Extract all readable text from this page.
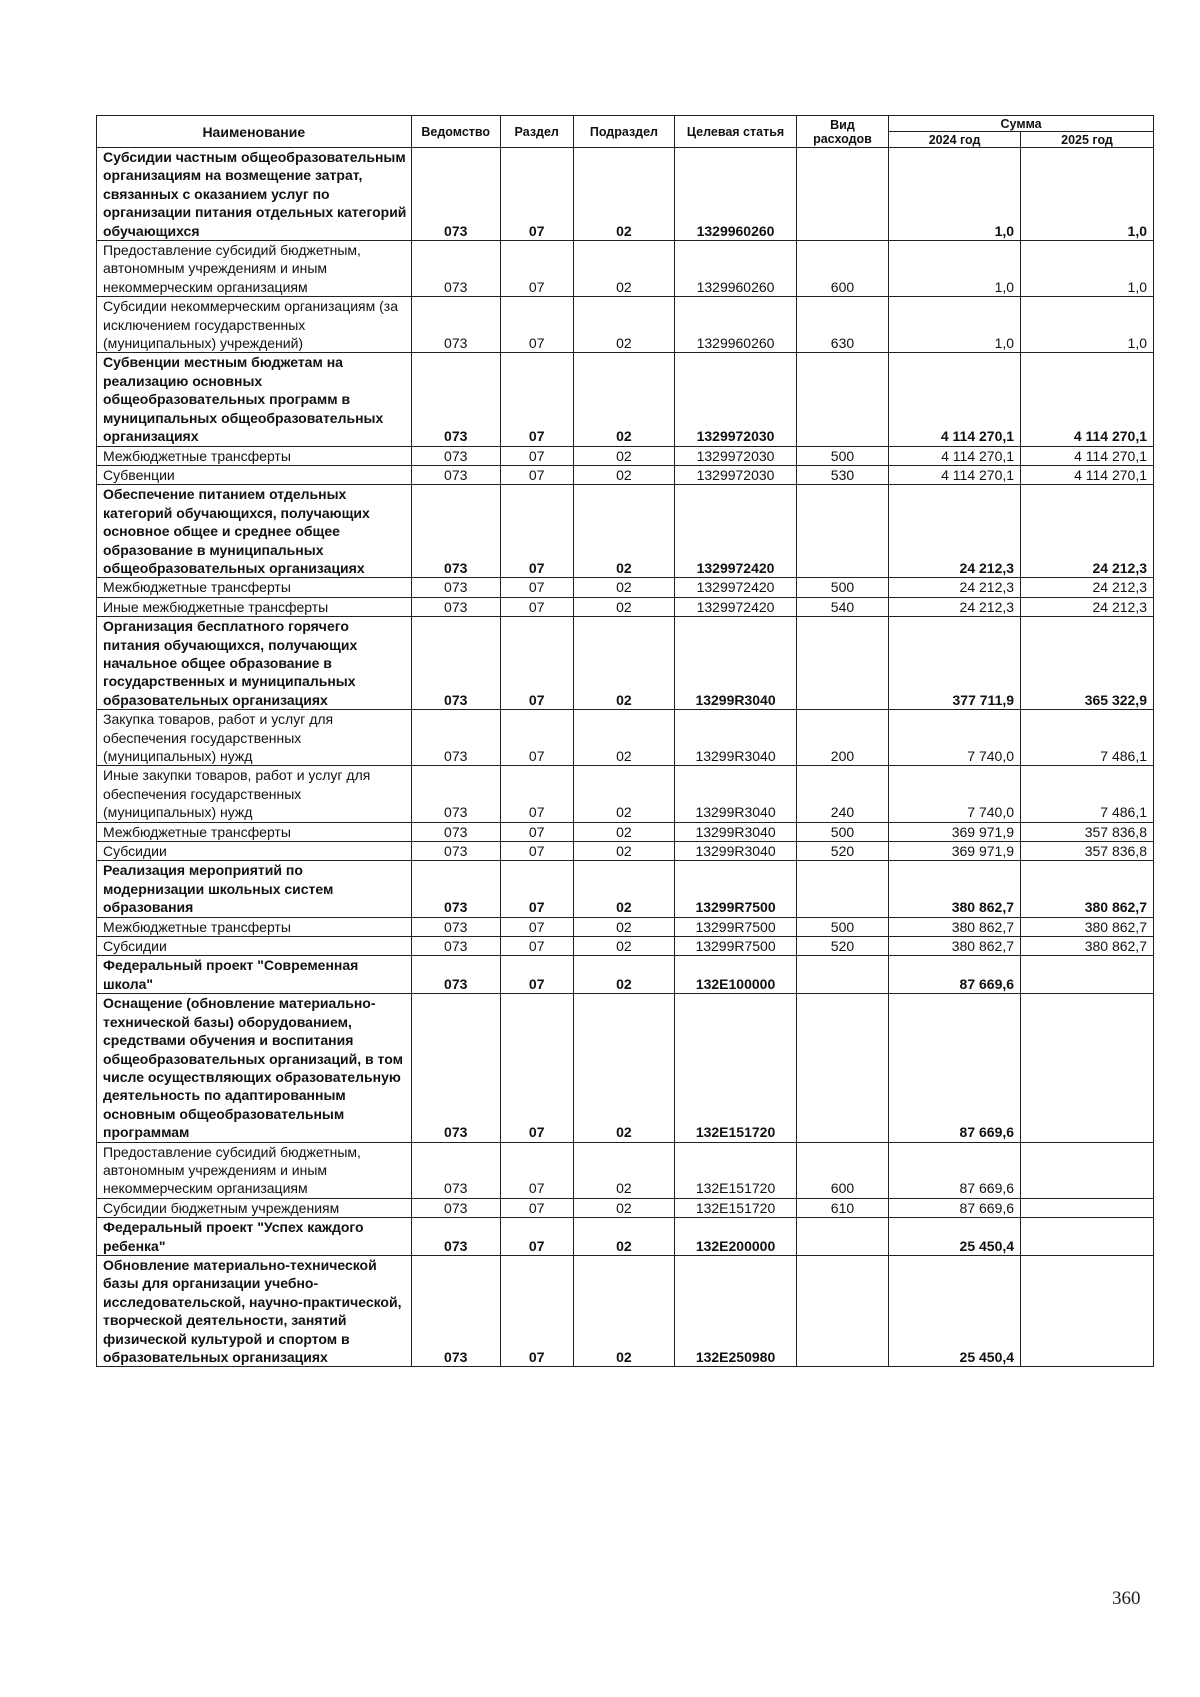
Наименование	Ведомство	Раздел	Подраздел	Целевая статья	Вид расходов	Сумма	
						2024 год	2025 год
Субсидии частным общеобразовательным организациям на возмещение затрат, связанных с оказанием услуг по организации питания отдельных категорий обучающихся	073	07	02	1329960260		1,0	1,0
Предоставление субсидий бюджетным, автономным учреждениям и иным некоммерческим организациям	073	07	02	1329960260	600	1,0	1,0
Субсидии некоммерческим организациям (за исключением государственных (муниципальных) учреждений)	073	07	02	1329960260	630	1,0	1,0
Субвенции местным бюджетам на реализацию основных общеобразовательных программ в муниципальных общеобразовательных организациях	073	07	02	1329972030		4 114 270,1	4 114 270,1
Межбюджетные трансферты	073	07	02	1329972030	500	4 114 270,1	4 114 270,1
Субвенции	073	07	02	1329972030	530	4 114 270,1	4 114 270,1
Обеспечение питанием отдельных категорий обучающихся, получающих основное общее и среднее общее образование в муниципальных общеобразовательных организациях	073	07	02	1329972420		24 212,3	24 212,3
Межбюджетные трансферты	073	07	02	1329972420	500	24 212,3	24 212,3
Иные межбюджетные трансферты	073	07	02	1329972420	540	24 212,3	24 212,3
Организация бесплатного горячего питания обучающихся, получающих начальное общее образование в государственных и муниципальных образовательных организациях	073	07	02	13299R3040		377 711,9	365 322,9
Закупка товаров, работ и услуг для обеспечения государственных (муниципальных) нужд	073	07	02	13299R3040	200	7 740,0	7 486,1
Иные закупки товаров, работ и услуг для обеспечения государственных (муниципальных) нужд	073	07	02	13299R3040	240	7 740,0	7 486,1
Межбюджетные трансферты	073	07	02	13299R3040	500	369 971,9	357 836,8
Субсидии	073	07	02	13299R3040	520	369 971,9	357 836,8
Реализация мероприятий по модернизации школьных систем образования	073	07	02	13299R7500		380 862,7	380 862,7
Межбюджетные трансферты	073	07	02	13299R7500	500	380 862,7	380 862,7
Субсидии	073	07	02	13299R7500	520	380 862,7	380 862,7
Федеральный проект "Современная школа"	073	07	02	132E100000		87 669,6	
Оснащение (обновление материально-технической базы) оборудованием, средствами обучения и воспитания общеобразовательных организаций, в том числе осуществляющих образовательную деятельность по адаптированным основным общеобразовательным программам	073	07	02	132E151720		87 669,6	
Предоставление субсидий бюджетным, автономным учреждениям и иным некоммерческим организациям	073	07	02	132E151720	600	87 669,6	
Субсидии бюджетным учреждениям	073	07	02	132E151720	610	87 669,6	
Федеральный проект "Успех каждого ребенка"	073	07	02	132E200000		25 450,4	
Обновление материально-технической базы для организации учебно-исследовательской, научно-практической, творческой деятельности, занятий физической культурой и спортом в образовательных организациях	073	07	02	132E250980		25 450,4	
360
